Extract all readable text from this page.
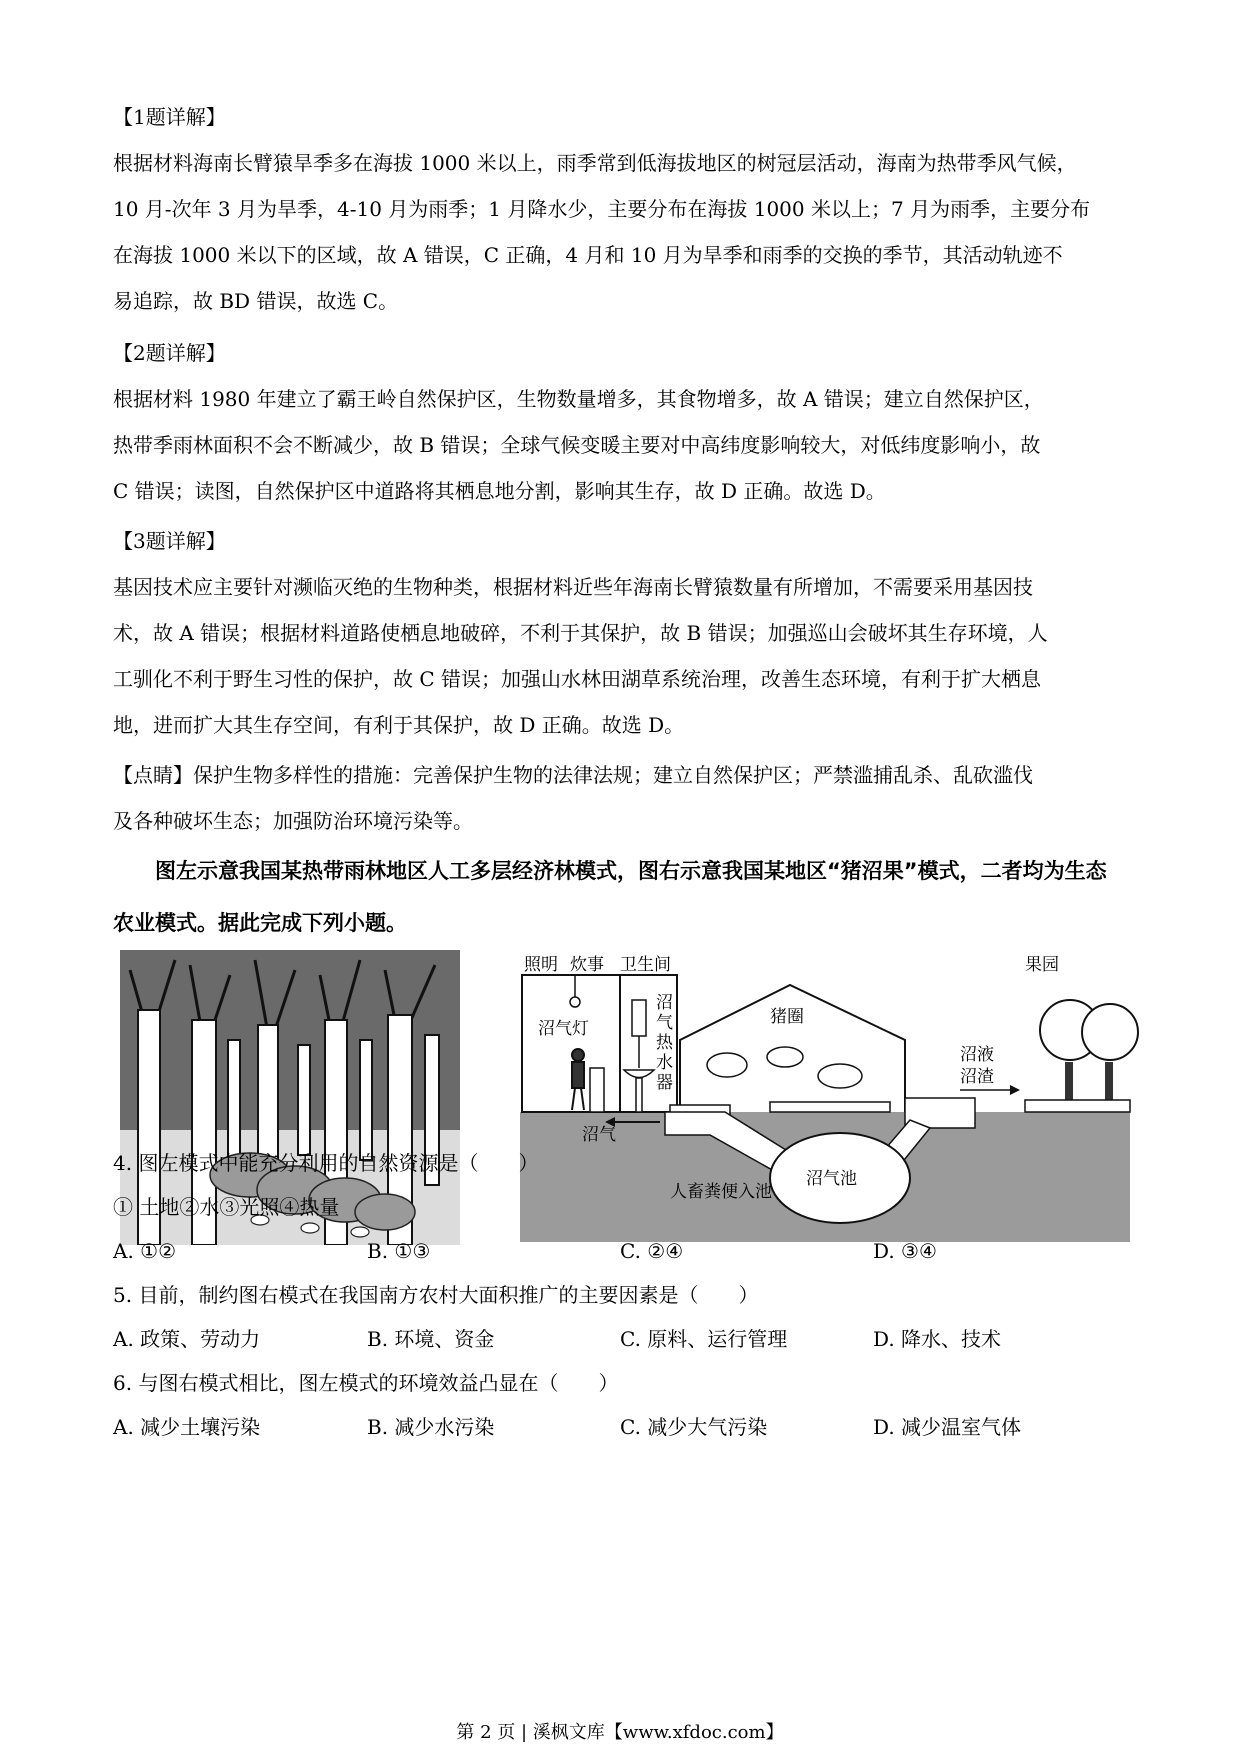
【1题详解】

根据材料海南长臂猿旱季多在海拔 1000 米以上，雨季常到低海拔地区的树冠层活动，海南为热带季风气候，

10 月-次年 3 月为旱季，4-10 月为雨季；1 月降水少，主要分布在海拔 1000 米以上；7 月为雨季，主要分布

在海拔 1000 米以下的区域，故 A 错误，C 正确，4 月和 10 月为旱季和雨季的交换的季节，其活动轨迹不

易追踪，故 BD 错误，故选 C。

【2题详解】

根据材料 1980 年建立了霸王岭自然保护区，生物数量增多，其食物增多，故 A 错误；建立自然保护区，

热带季雨林面积不会不断减少，故 B 错误；全球气候变暖主要对中高纬度影响较大，对低纬度影响小，故

C 错误；读图，自然保护区中道路将其栖息地分割，影响其生存，故 D 正确。故选 D。

【3题详解】

基因技术应主要针对濒临灭绝的生物种类，根据材料近些年海南长臂猿数量有所增加，不需要采用基因技

术，故 A 错误；根据材料道路使栖息地破碎，不利于其保护，故 B 错误；加强巡山会破坏其生存环境，人

工驯化不利于野生习性的保护，故 C 错误；加强山水林田湖草系统治理，改善生态环境，有利于扩大栖息

地，进而扩大其生存空间，有利于其保护，故 D 正确。故选 D。

【点睛】保护生物多样性的措施：完善保护生物的法律法规；建立自然保护区；严禁滥捕乱杀、乱砍滥伐

及各种破坏生态；加强防治环境污染等。

图左示意我国某热带雨林地区人工多层经济林模式，图右示意我国某地区“猪沼果”模式，二者均为生态农业模式。据此完成下列小题。
照明 炊事 卫生间
沼气灯
沼
气
热
水
器
猪圈
沼液
沼渣
果园
沼气
沼气池
人畜粪便入池
4. 图左模式中能充分利用的自然资源是（　　）
① 土地②水③光照④热量
A. ①②	B. ①③	C. ②④	D. ③④
5. 目前，制约图右模式在我国南方农村大面积推广的主要因素是（　　）
A. 政策、劳动力	B. 环境、资金	C. 原料、运行管理	D. 降水、技术
6. 与图右模式相比，图左模式的环境效益凸显在（　　）
A. 减少土壤污染	B. 减少水污染	C. 减少大气污染	D. 减少温室气体
第 2 页 | 溪枫文库【www.xfdoc.com】
